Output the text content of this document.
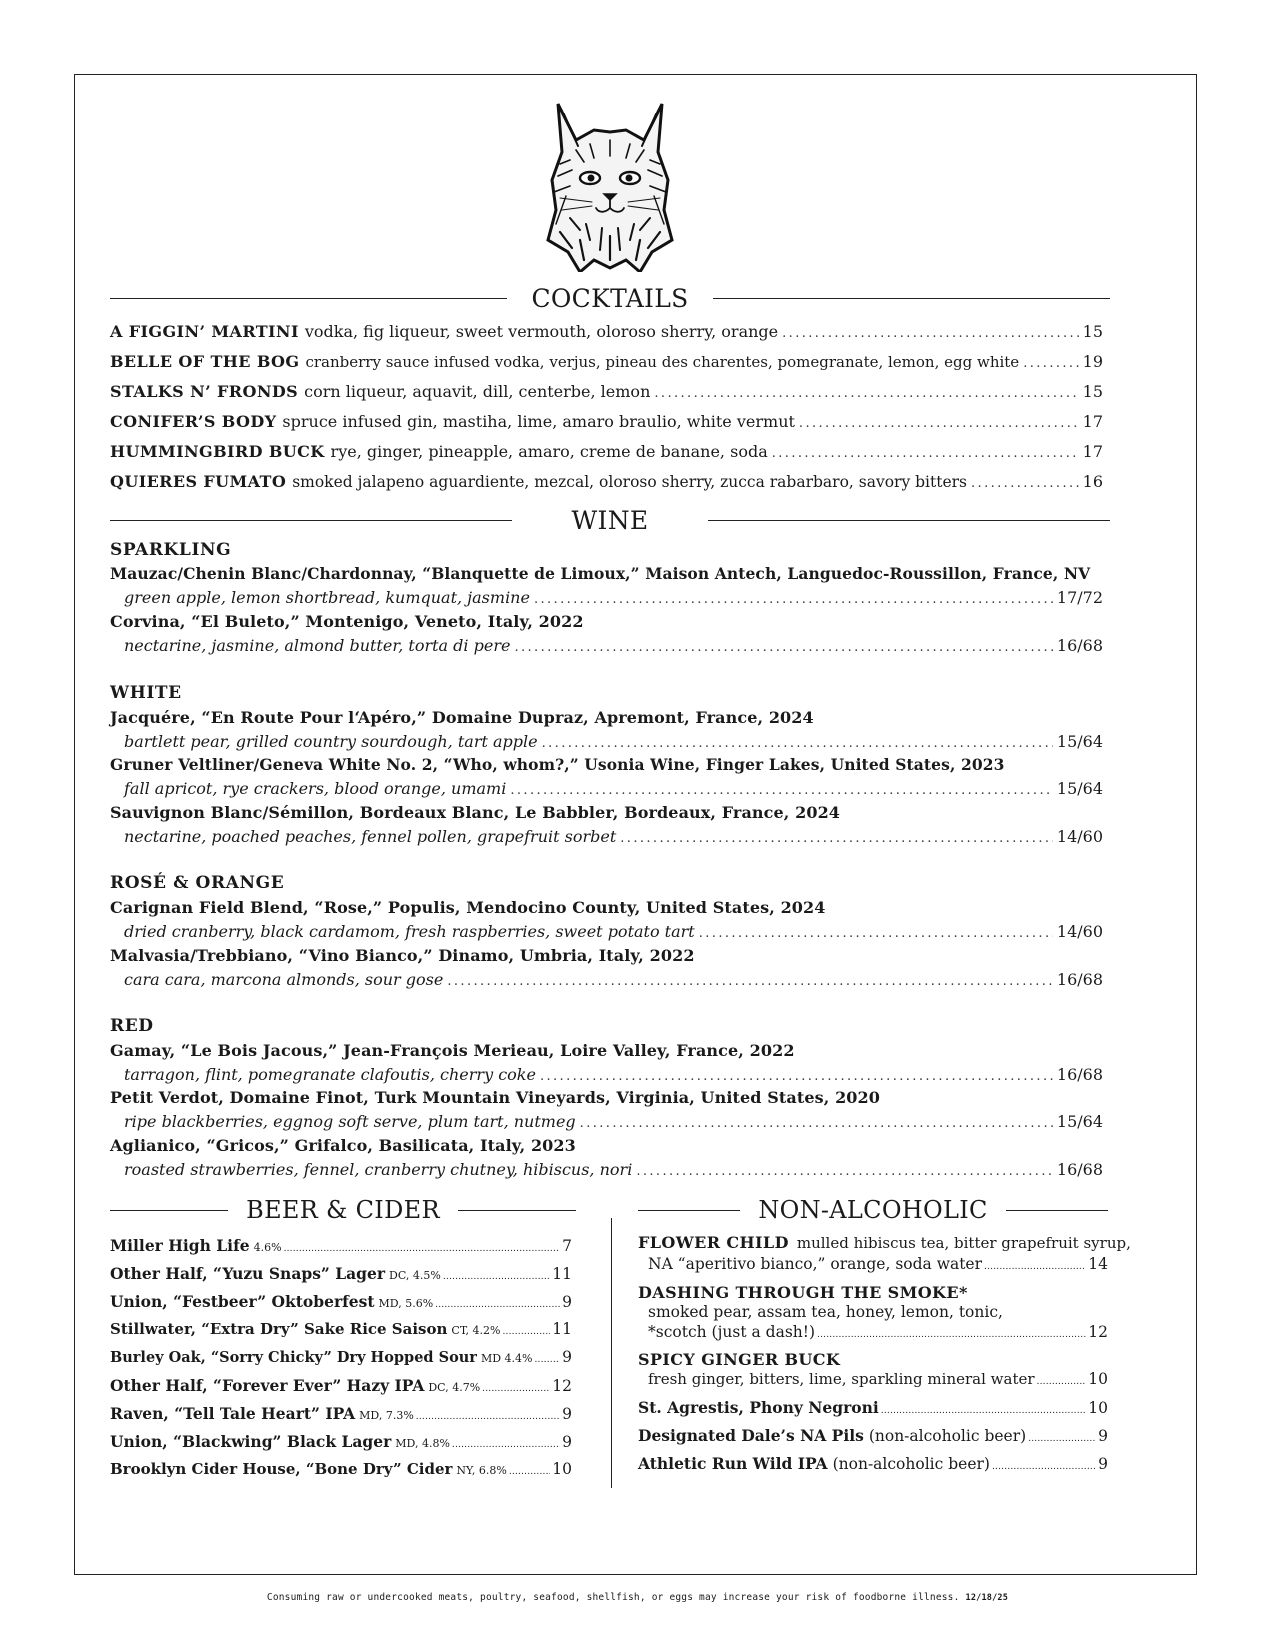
COCKTAILS
A FIGGIN’ MARTINI vodka, fig liqueur, sweet vermouth, oloroso sherry, orange .....	15
BELLE OF THE BOG cranberry sauce infused vodka, verjus, pineau des charentes, pomegranate, lemon, egg white .....	19
STALKS N’ FRONDS corn liqueur, aquavit, dill, centerbe, lemon .....	15
CONIFER’S BODY spruce infused gin, mastiha, lime, amaro braulio, white vermut .....	17
HUMMINGBIRD BUCK rye, ginger, pineapple, amaro, creme de banane, soda .....	17
QUIERES FUMATO smoked jalapeno aguardiente, mezcal, oloroso sherry, zucca rabarbaro, savory bitters .....	16
WINE
SPARKLING
Mauzac/Chenin Blanc/Chardonnay, “Blanquette de Limoux,” Maison Antech, Languedoc-Roussillon, France, NV
green apple, lemon shortbread, kumquat, jasmine .....	17/72
Corvina, “El Buleto,” Montenigo, Veneto, Italy, 2022
nectarine, jasmine, almond butter, torta di pere .....	16/68
WHITE
Jacquére, “En Route Pour l‘Apéro,” Domaine Dupraz, Apremont, France, 2024
bartlett pear, grilled country sourdough, tart apple .....	15/64
Gruner Veltliner/Geneva White No. 2, “Who, whom?,” Usonia Wine, Finger Lakes, United States, 2023
fall apricot, rye crackers, blood orange, umami .....	15/64
Sauvignon Blanc/Sémillon, Bordeaux Blanc, Le Babbler, Bordeaux, France, 2024
nectarine, poached peaches, fennel pollen, grapefruit sorbet .....	14/60
ROSÉ & ORANGE
Carignan Field Blend, “Rose,” Populis, Mendocino County, United States, 2024
dried cranberry, black cardamom, fresh raspberries, sweet potato tart .....	14/60
Malvasia/Trebbiano, “Vino Bianco,” Dinamo, Umbria, Italy, 2022
cara cara, marcona almonds, sour gose .....	16/68
RED
Gamay, “Le Bois Jacous,” Jean-François Merieau, Loire Valley, France, 2022
tarragon, flint, pomegranate clafoutis, cherry coke .....	16/68
Petit Verdot, Domaine Finot, Turk Mountain Vineyards, Virginia, United States, 2020
ripe blackberries, eggnog soft serve, plum tart, nutmeg .....	15/64
Aglianico, “Gricos,” Grifalco, Basilicata, Italy, 2023
roasted strawberries, fennel, cranberry chutney, hibiscus, nori .....	16/68
BEER & CIDER
Miller High Life 4.6% .....	7
Other Half, “Yuzu Snaps” Lager DC, 4.5% .....	11
Union, “Festbeer” Oktoberfest MD, 5.6% .....	9
Stillwater, “Extra Dry” Sake Rice Saison CT, 4.2% .....	11
Burley Oak, “Sorry Chicky” Dry Hopped Sour MD 4.4% ..... 9
Other Half, “Forever Ever” Hazy IPA DC, 4.7% .....	12
Raven, “Tell Tale Heart” IPA MD, 7.3% .....	9
Union, “Blackwing” Black Lager MD, 4.8% .....	9
Brooklyn Cider House, “Bone Dry” Cider NY, 6.8% .....	10
NON-ALCOHOLIC
FLOWER CHILD mulled hibiscus tea, bitter grapefruit syrup,
NA “aperitivo bianco,” orange, soda water .....	14
DASHING THROUGH THE SMOKE*
smoked pear, assam tea, honey, lemon, tonic,
*scotch (just a dash!) .....	12
SPICY GINGER BUCK
fresh ginger, bitters, lime, sparkling mineral water .....	10
St. Agrestis, Phony Negroni .....	10
Designated Dale’s NA Pils (non-alcoholic beer) .....	9
Athletic Run Wild IPA (non-alcoholic beer) .....	9
Consuming raw or undercooked meats, poultry, seafood, shellfish, or eggs may increase your risk of foodborne illness. 12/18/25
